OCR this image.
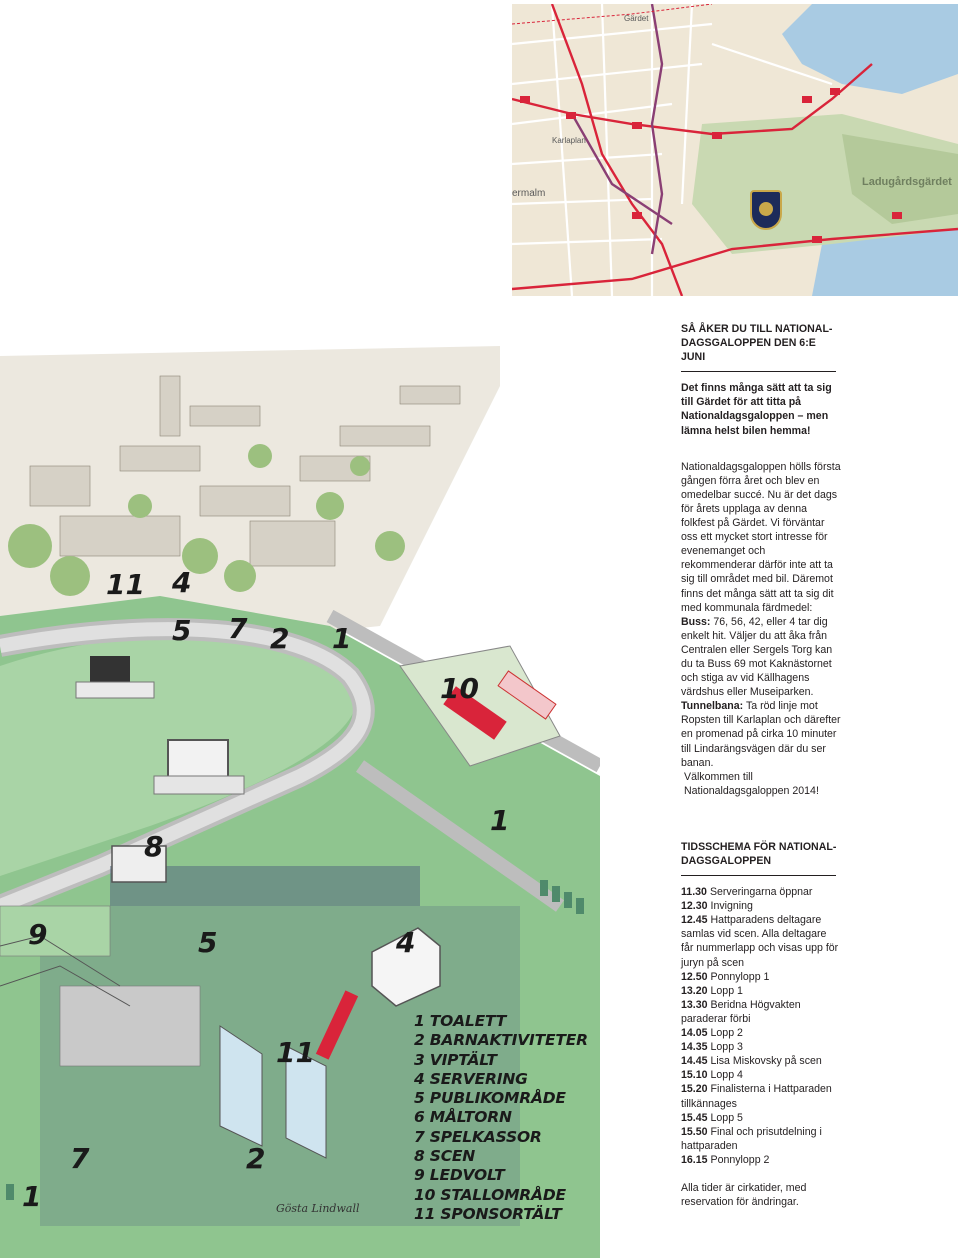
Gärdet
Karlaplan
ermalm
Ladugårdsgärdet
11 4
5 7 2 1
10
8
9	5	4
11
7	2
1
1
1 TOALETT
2 BARNAKTIVITETER
3 VIPTÄLT
4 SERVERING
5 PUBLIKOMRÅDE
6 MÅLTORN
7 SPELKASSOR
8 SCEN
9 LEDVOLT
10 STALLOMRÅDE
11 SPONSORTÄLT
Gösta Lindwall

SÅ ÅKER DU TILL NATIONAL-
DAGSGALOPPEN DEN 6:E JUNI

Det finns många sätt att ta sig till Gärdet för att titta på Nationaldagsgaloppen – men lämna helst bilen hemma!

Nationaldagsgaloppen hölls första gången förra året och blev en omedelbar succé. Nu är det dags för årets upplaga av denna folkfest på Gärdet. Vi förväntar oss ett mycket stort intresse för evenemanget och rekommenderar därför inte att ta sig till området med bil. Däremot finns det många sätt att ta sig dit med kommunala färdmedel:

Buss: 76, 56, 42, eller 4 tar dig enkelt hit. Väljer du att åka från Centralen eller Sergels Torg kan du ta Buss 69 mot Kaknästornet och stiga av vid Källhagens värdshus eller Museiparken.

Tunnelbana: Ta röd linje mot Ropsten till Karlaplan och därefter en promenad på cirka 10 minuter till Lindarängsvägen där du ser banan.

Välkommen till Nationaldagsgaloppen 2014!

TIDSSCHEMA FÖR NATIONAL-
DAGSGALOPPEN

11.30 Serveringarna öppnar
12.30 Invigning
12.45 Hattparadens deltagare samlas vid scen. Alla deltagare får nummerlapp och visas upp för juryn på scen
12.50 Ponnylopp 1
13.20 Lopp 1
13.30 Beridna Högvakten paraderar förbi
14.05 Lopp 2
14.35 Lopp 3
14.45 Lisa Miskovsky på scen
15.10 Lopp 4
15.20 Finalisterna i Hattparaden tillkännages
15.45 Lopp 5
15.50 Final och prisutdelning i hattparaden
16.15 Ponnylopp 2

Alla tider är cirkatider, med reservation för ändringar.
